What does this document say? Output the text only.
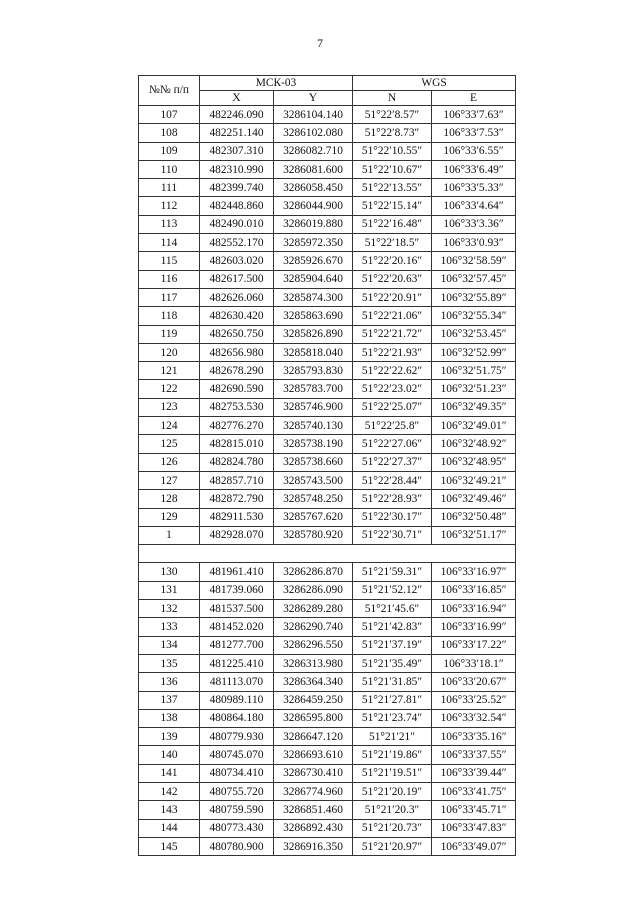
7
№№ п/п	МСК-03		WGS	
	X	Y	N	E
107	482246.090	3286104.140	51°22′8.57″	106°33′7.63″
108	482251.140	3286102.080	51°22′8.73″	106°33′7.53″
109	482307.310	3286082.710	51°22′10.55″	106°33′6.55″
110	482310.990	3286081.600	51°22′10.67″	106°33′6.49″
111	482399.740	3286058.450	51°22′13.55″	106°33′5.33″
112	482448.860	3286044.900	51°22′15.14″	106°33′4.64″
113	482490.010	3286019.880	51°22′16.48″	106°33′3.36″
114	482552.170	3285972.350	51°22′18.5″	106°33′0.93″
115	482603.020	3285926.670	51°22′20.16″	106°32′58.59″
116	482617.500	3285904.640	51°22′20.63″	106°32′57.45″
117	482626.060	3285874.300	51°22′20.91″	106°32′55.89″
118	482630.420	3285863.690	51°22′21.06″	106°32′55.34″
119	482650.750	3285826.890	51°22′21.72″	106°32′53.45″
120	482656.980	3285818.040	51°22′21.93″	106°32′52.99″
121	482678.290	3285793.830	51°22′22.62″	106°32′51.75″
122	482690.590	3285783.700	51°22′23.02″	106°32′51.23″
123	482753.530	3285746.900	51°22′25.07″	106°32′49.35″
124	482776.270	3285740.130	51°22′25.8″	106°32′49.01″
125	482815.010	3285738.190	51°22′27.06″	106°32′48.92″
126	482824.780	3285738.660	51°22′27.37″	106°32′48.95″
127	482857.710	3285743.500	51°22′28.44″	106°32′49.21″
128	482872.790	3285748.250	51°22′28.93″	106°32′49.46″
129	482911.530	3285767.620	51°22′30.17″	106°32′50.48″
1	482928.070	3285780.920	51°22′30.71″	106°32′51.17″

130	481961.410	3286286.870	51°21′59.31″	106°33′16.97″
131	481739.060	3286286.090	51°21′52.12″	106°33′16.85″
132	481537.500	3286289.280	51°21′45.6″	106°33′16.94″
133	481452.020	3286290.740	51°21′42.83″	106°33′16.99″
134	481277.700	3286296.550	51°21′37.19″	106°33′17.22″
135	481225.410	3286313.980	51°21′35.49″	106°33′18.1″
136	481113.070	3286364.340	51°21′31.85″	106°33′20.67″
137	480989.110	3286459.250	51°21′27.81″	106°33′25.52″
138	480864.180	3286595.800	51°21′23.74″	106°33′32.54″
139	480779.930	3286647.120	51°21′21″	106°33′35.16″
140	480745.070	3286693.610	51°21′19.86″	106°33′37.55″
141	480734.410	3286730.410	51°21′19.51″	106°33′39.44″
142	480755.720	3286774.960	51°21′20.19″	106°33′41.75″
143	480759.590	3286851.460	51°21′20.3″	106°33′45.71″
144	480773.430	3286892.430	51°21′20.73″	106°33′47.83″
145	480780.900	3286916.350	51°21′20.97″	106°33′49.07″
